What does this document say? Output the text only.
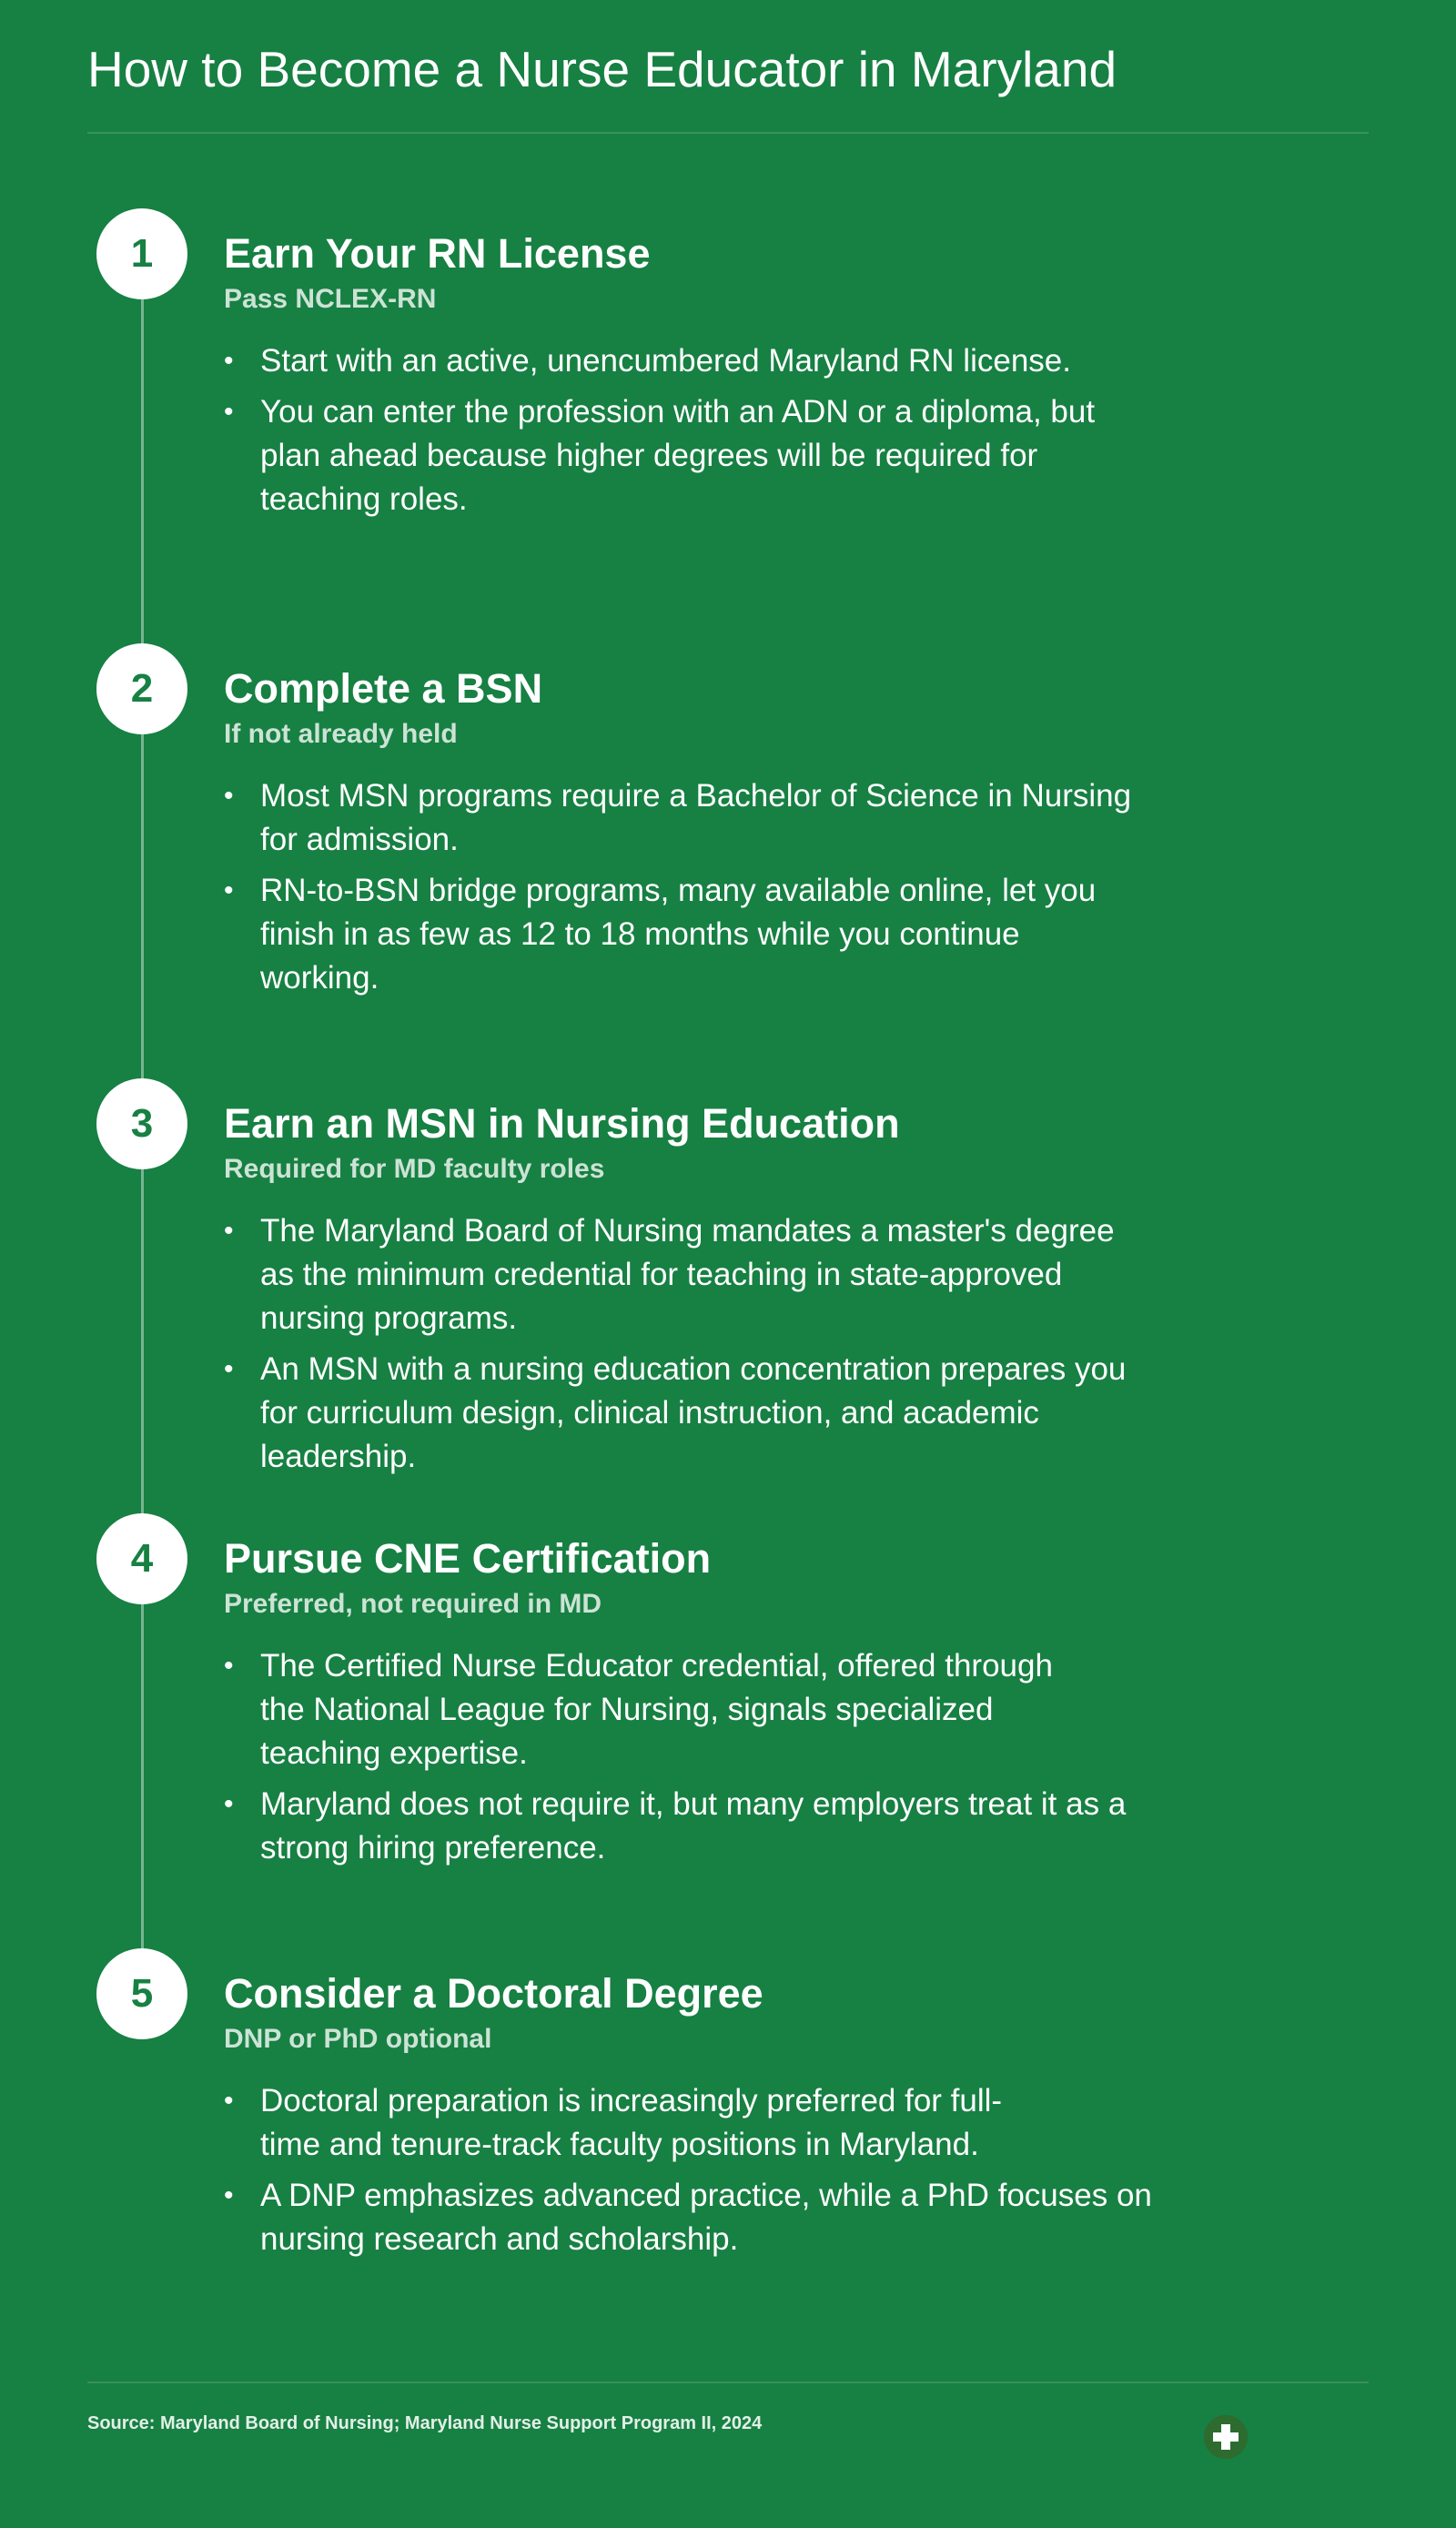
How to Become a Nurse Educator in Maryland
1	Earn Your RN License
Pass NCLEX-RN
• Start with an active, unencumbered Maryland RN license.
• You can enter the profession with an ADN or a diploma, but plan ahead because higher degrees will be required for teaching roles.
2	Complete a BSN
If not already held
• Most MSN programs require a Bachelor of Science in Nursing for admission.
• RN-to-BSN bridge programs, many available online, let you finish in as few as 12 to 18 months while you continue working.
3	Earn an MSN in Nursing Education
Required for MD faculty roles
• The Maryland Board of Nursing mandates a master's degree as the minimum credential for teaching in state-approved nursing programs.
• An MSN with a nursing education concentration prepares you for curriculum design, clinical instruction, and academic leadership.
4	Pursue CNE Certification
Preferred, not required in MD
• The Certified Nurse Educator credential, offered through the National League for Nursing, signals specialized teaching expertise.
• Maryland does not require it, but many employers treat it as a strong hiring preference.
5	Consider a Doctoral Degree
DNP or PhD optional
• Doctoral preparation is increasingly preferred for full-time and tenure-track faculty positions in Maryland.
• A DNP emphasizes advanced practice, while a PhD focuses on nursing research and scholarship.
Source: Maryland Board of Nursing; Maryland Nurse Support Program II, 2024
